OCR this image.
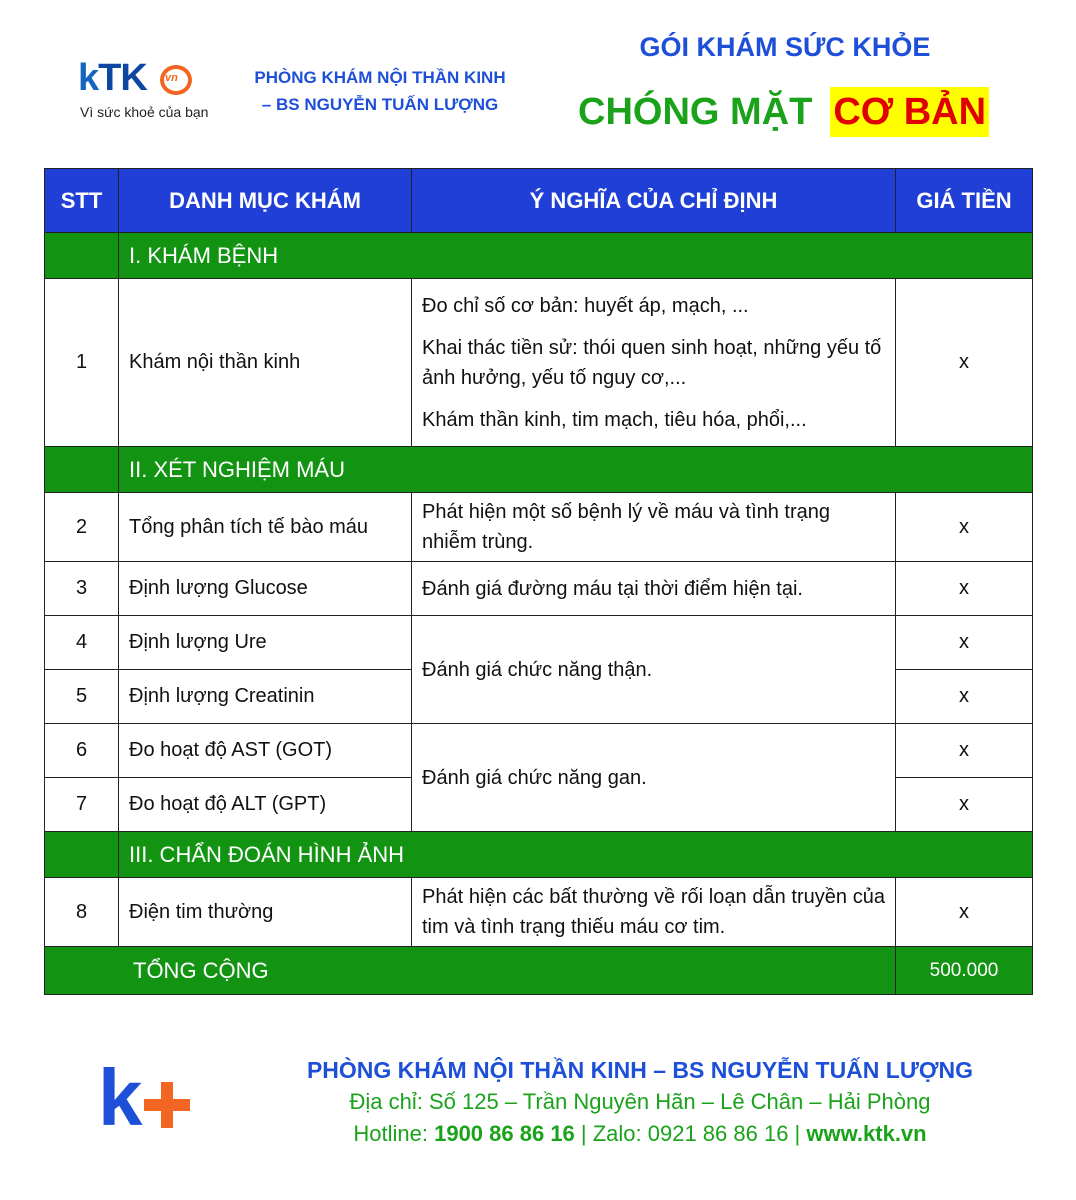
kTK vn
Vì sức khoẻ của bạn
PHÒNG KHÁM NỘI THẦN KINH
– BS NGUYỄN TUẤN LƯỢNG
GÓI KHÁM SỨC KHỎE
CHÓNG MẶT CƠ BẢN
STT	DANH MỤC KHÁM	Ý NGHĨA CỦA CHỈ ĐỊNH	GIÁ TIỀN
	I. KHÁM BỆNH		
1	Khám nội thần kinh	Đo chỉ số cơ bản: huyết áp, mạch, ...

Khai thác tiền sử: thói quen sinh hoạt, những yếu tố ảnh hưởng, yếu tố nguy cơ,...

Khám thần kinh, tim mạch, tiêu hóa, phổi,...	x
	II. XÉT NGHIỆM MÁU		
2	Tổng phân tích tế bào máu	Phát hiện một số bệnh lý về máu và tình trạng nhiễm trùng.	x
3	Định lượng Glucose	Đánh giá đường máu tại thời điểm hiện tại.	x
4	Định lượng Ure	Đánh giá chức năng thận.	x
5	Định lượng Creatinin		x
6	Đo hoạt độ AST (GOT)	Đánh giá chức năng gan.	x
7	Đo hoạt độ ALT (GPT)		x
	III. CHẨN ĐOÁN HÌNH ẢNH		
8	Điện tim thường	Phát hiện các bất thường về rối loạn dẫn truyền của tim và tình trạng thiếu máu cơ tim.	x
TỔNG CỘNG			500.000
k	PHÒNG KHÁM NỘI THẦN KINH – BS NGUYỄN TUẤN LƯỢNG
Địa chỉ: Số 125 – Trần Nguyên Hãn – Lê Chân – Hải Phòng
Hotline: 1900 86 86 16 | Zalo: 0921 86 86 16 | www.ktk.vn
